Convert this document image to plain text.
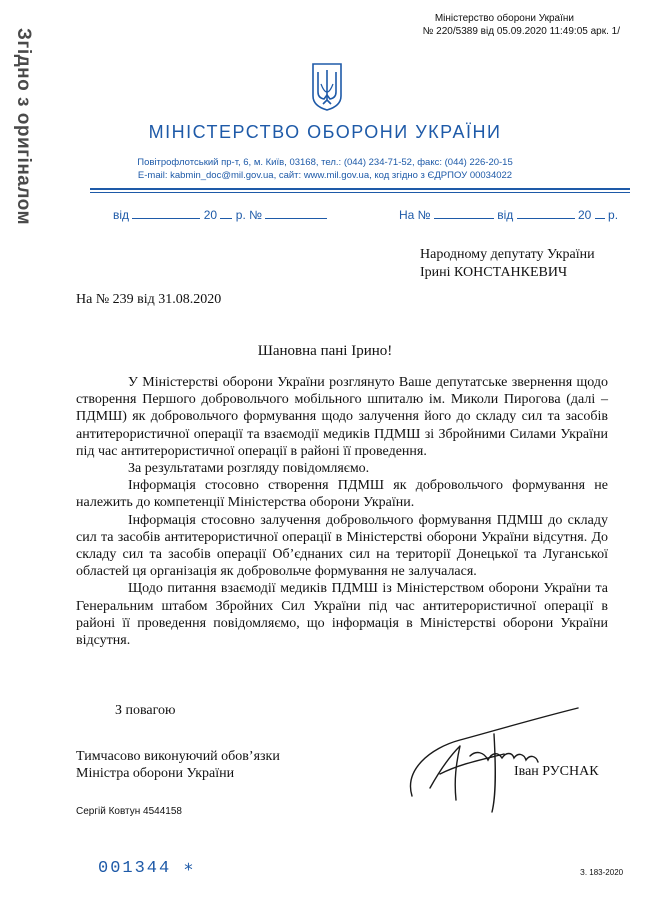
Згідно з оригіналом
Міністерство оборони України
№ 220/5389 від 05.09.2020 11:49:05 арк. 1/
МІНІСТЕРСТВО ОБОРОНИ УКРАЇНИ
Повітрофлотський пр-т, 6, м. Київ, 03168, тел.: (044) 234-71-52, факс: (044) 226-20-15
E-mail: kabmin_doc@mil.gov.ua, сайт: www.mil.gov.ua, код згідно з ЄДРПОУ 00034022
від	20 р. №	На №	від	20 р.
Народному депутату України
Ірині КОНСТАНКЕВИЧ
На № 239 від 31.08.2020
Шановна пані Ірино!

У Міністерстві оборони України розглянуто Ваше депутатське звернення щодо створення Першого добровольчого мобільного шпиталю ім. Миколи Пирогова (далі – ПДМШ) як добровольчого формування щодо залучення його до складу сил та засобів антитерористичної операції та взаємодії медиків ПДМШ зі Збройними Силами України під час антитерористичної операції в районі її проведення.

За результатами розгляду повідомляємо.

Інформація стосовно створення ПДМШ як добровольчого формування не належить до компетенції Міністерства оборони України.

Інформація стосовно залучення добровольчого формування ПДМШ до складу сил та засобів антитерористичної операції в Міністерстві оборони України відсутня. До складу сил та засобів операції Об’єднаних сил на території Донецької та Луганської областей ця організація як добровольче формування не залучалася.

Щодо питання взаємодії медиків ПДМШ із Міністерством оборони України та Генеральним штабом Збройних Сил України під час антитерористичної операції в районі її проведення повідомляємо, що інформація в Міністерстві оборони України відсутня.

З повагою
Тимчасово виконуючий обов’язки
Міністра оборони України	Іван РУСНАК
Сергій Ковтун 4544158
001344 ∗	З. 183-2020
